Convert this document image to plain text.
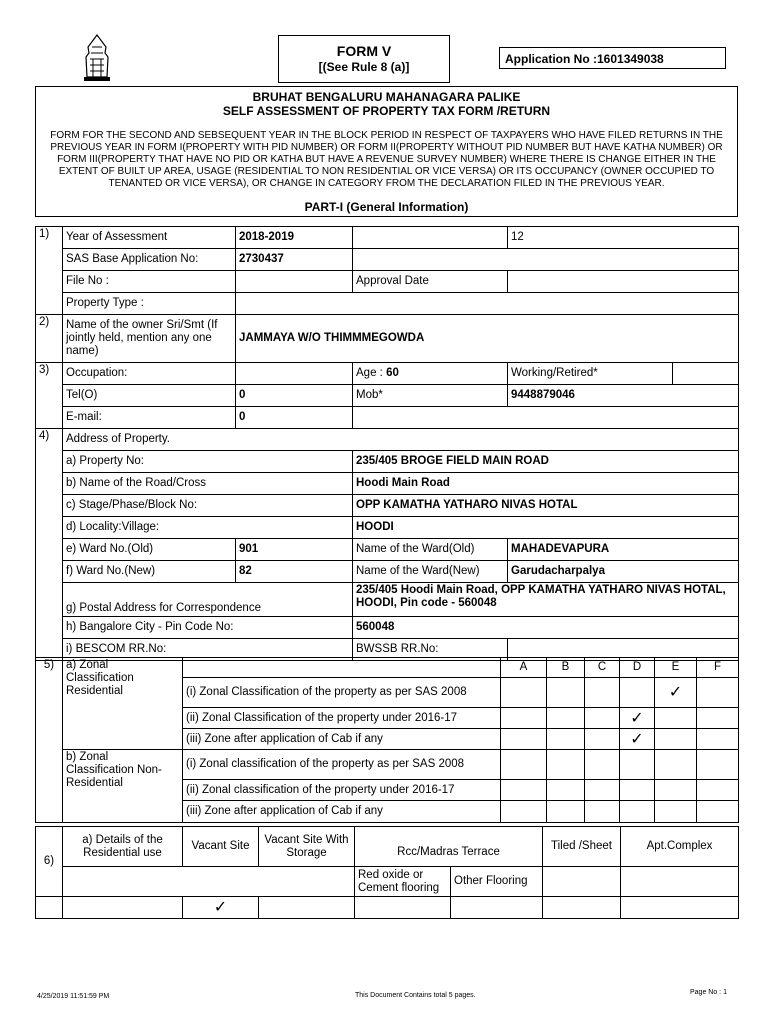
FORM V
[(See Rule 8 (a)]
Application No :1601349038
BRUHAT BENGALURU MAHANAGARA PALIKE
SELF ASSESSMENT OF PROPERTY TAX FORM /RETURN
FORM FOR THE SECOND AND SEBSEQUENT YEAR IN THE BLOCK PERIOD IN RESPECT OF TAXPAYERS WHO HAVE FILED RETURNS IN THE PREVIOUS YEAR IN FORM I(PROPERTY WITH PID NUMBER) OR FORM II(PROPERTY WITHOUT PID NUMBER BUT HAVE KATHA NUMBER) OR FORM III(PROPERTY THAT HAVE NO PID OR KATHA BUT HAVE A REVENUE SURVEY NUMBER) WHERE THERE IS CHANGE EITHER IN THE EXTENT OF BUILT UP AREA, USAGE (RESIDENTIAL TO NON RESIDENTIAL OR VICE VERSA) OR ITS OCCUPANCY (OWNER OCCUPIED TO TENANTED OR VICE VERSA), OR CHANGE IN CATEGORY FROM THE DECLARATION FILED IN THE PREVIOUS YEAR.
PART-I (General Information)
1)	Year of Assessment	2018-2019		12	
	SAS Base Application No:	2730437			
	File No :		Approval Date		
	Property Type :				
2)	Name of the owner Sri/Smt (If jointly held, mention any one name)	JAMMAYA W/O THIMMMEGOWDA			
3)	Occupation:		Age : 60	Working/Retired*	
	Tel(O)	0	Mob*	9448879046	
	E-mail:	0			
4)	Address of Property.				
	a) Property No:		235/405 BROGE FIELD MAIN ROAD		
	b) Name of the Road/Cross		Hoodi Main Road		
	c) Stage/Phase/Block No:		OPP KAMATHA YATHARO NIVAS HOTAL		
	d) Locality:Village:		HOODI		
	e) Ward No.(Old)	901	Name of the Ward(Old)	MAHADEVAPURA	
	f) Ward No.(New)	82	Name of the Ward(New)	Garudacharpalya	
	g) Postal Address for Correspondence		235/405 Hoodi Main Road, OPP KAMATHA YATHARO NIVAS HOTAL, HOODI, Pin code - 560048		
	h) Bangalore City - Pin Code No:		560048		
	i) BESCOM RR.No:		BWSSB RR.No:		
5)	a) Zonal Classification Residential		A	B	C	D	E	F
		(i) Zonal Classification of the property as per SAS 2008					✓	
		(ii) Zonal Classification of the property under 2016-17				✓		
		(iii) Zone after application of Cab if any				✓		
	b) Zonal Classification Non-Residential	(i) Zonal classification of the property as per SAS 2008						
		(ii) Zonal classification of the property under 2016-17						
		(iii) Zone after application of Cab if any						
6)	a) Details of the Residential use	Vacant Site	Vacant Site With Storage	Rcc/Madras Terrace		Tiled /Sheet	Apt.Complex

				Red oxide or Cement flooring	Other Flooring		
		✓					
4/25/2019 11:51:59 PM	This Document Contains total 5 pages.	Page No : 1
